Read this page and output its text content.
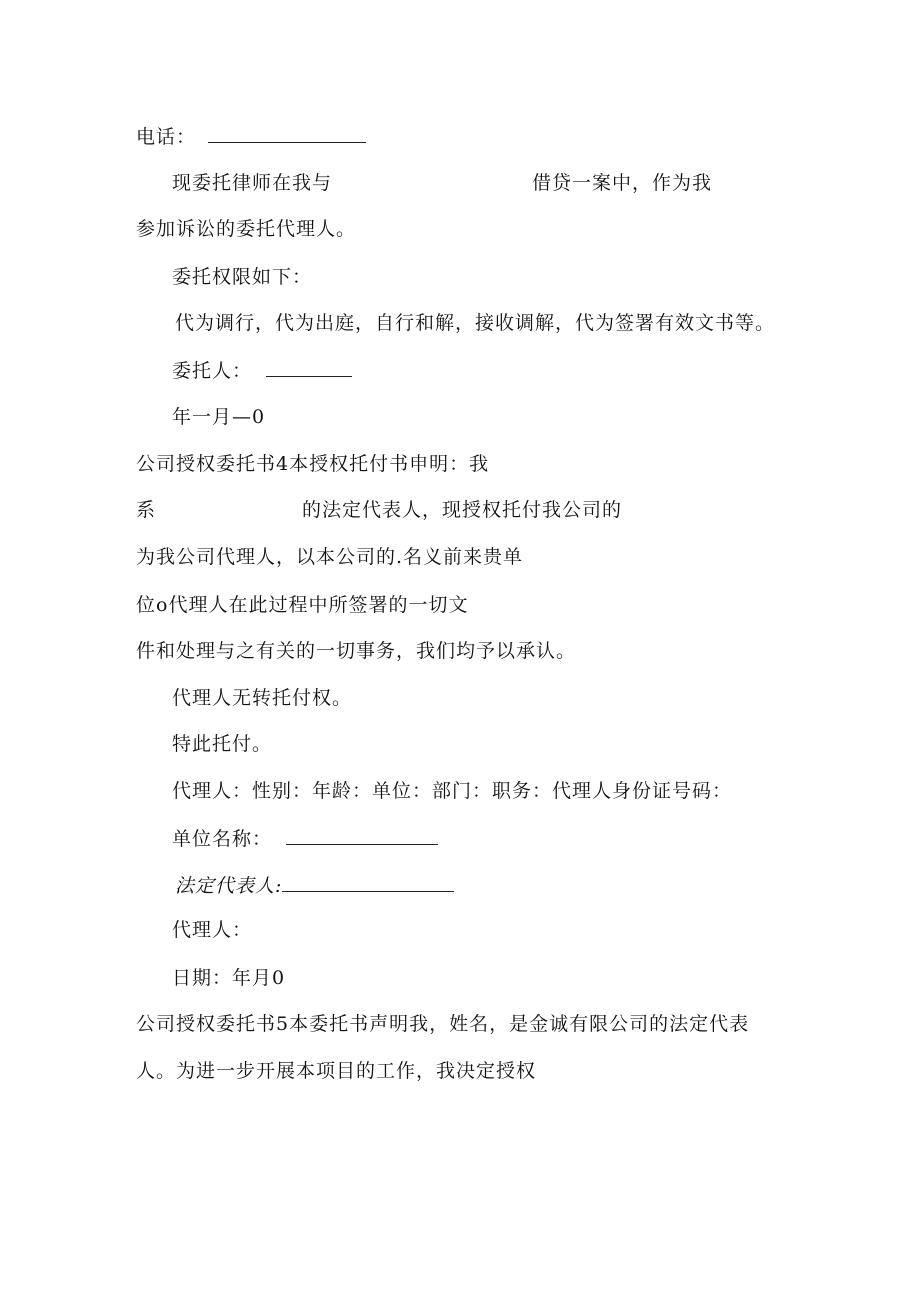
电话：
现委托律师在我与	借贷一案中，作为我
参加诉讼的委托代理人。
委托权限如下：
代为调行，代为出庭，自行和解，接收调解，代为签署有效文书等。
委托人：
年一月—0
公司授权委托书4本授权托付书申明：我
系	的法定代表人，现授权托付我公司的
为我公司代理人，以本公司的.名义前来贵单
位o代理人在此过程中所签署的一切文
件和处理与之有关的一切事务，我们均予以承认。
代理人无转托付权。
特此托付。
代理人：性别：年龄：单位：部门：职务：代理人身份证号码：
单位名称：
法定代表人:
代理人：
日期：年月0
公司授权委托书5本委托书声明我，姓名，是金诚有限公司的法定代表
人。为进一步开展本项目的工作，我决定授权
